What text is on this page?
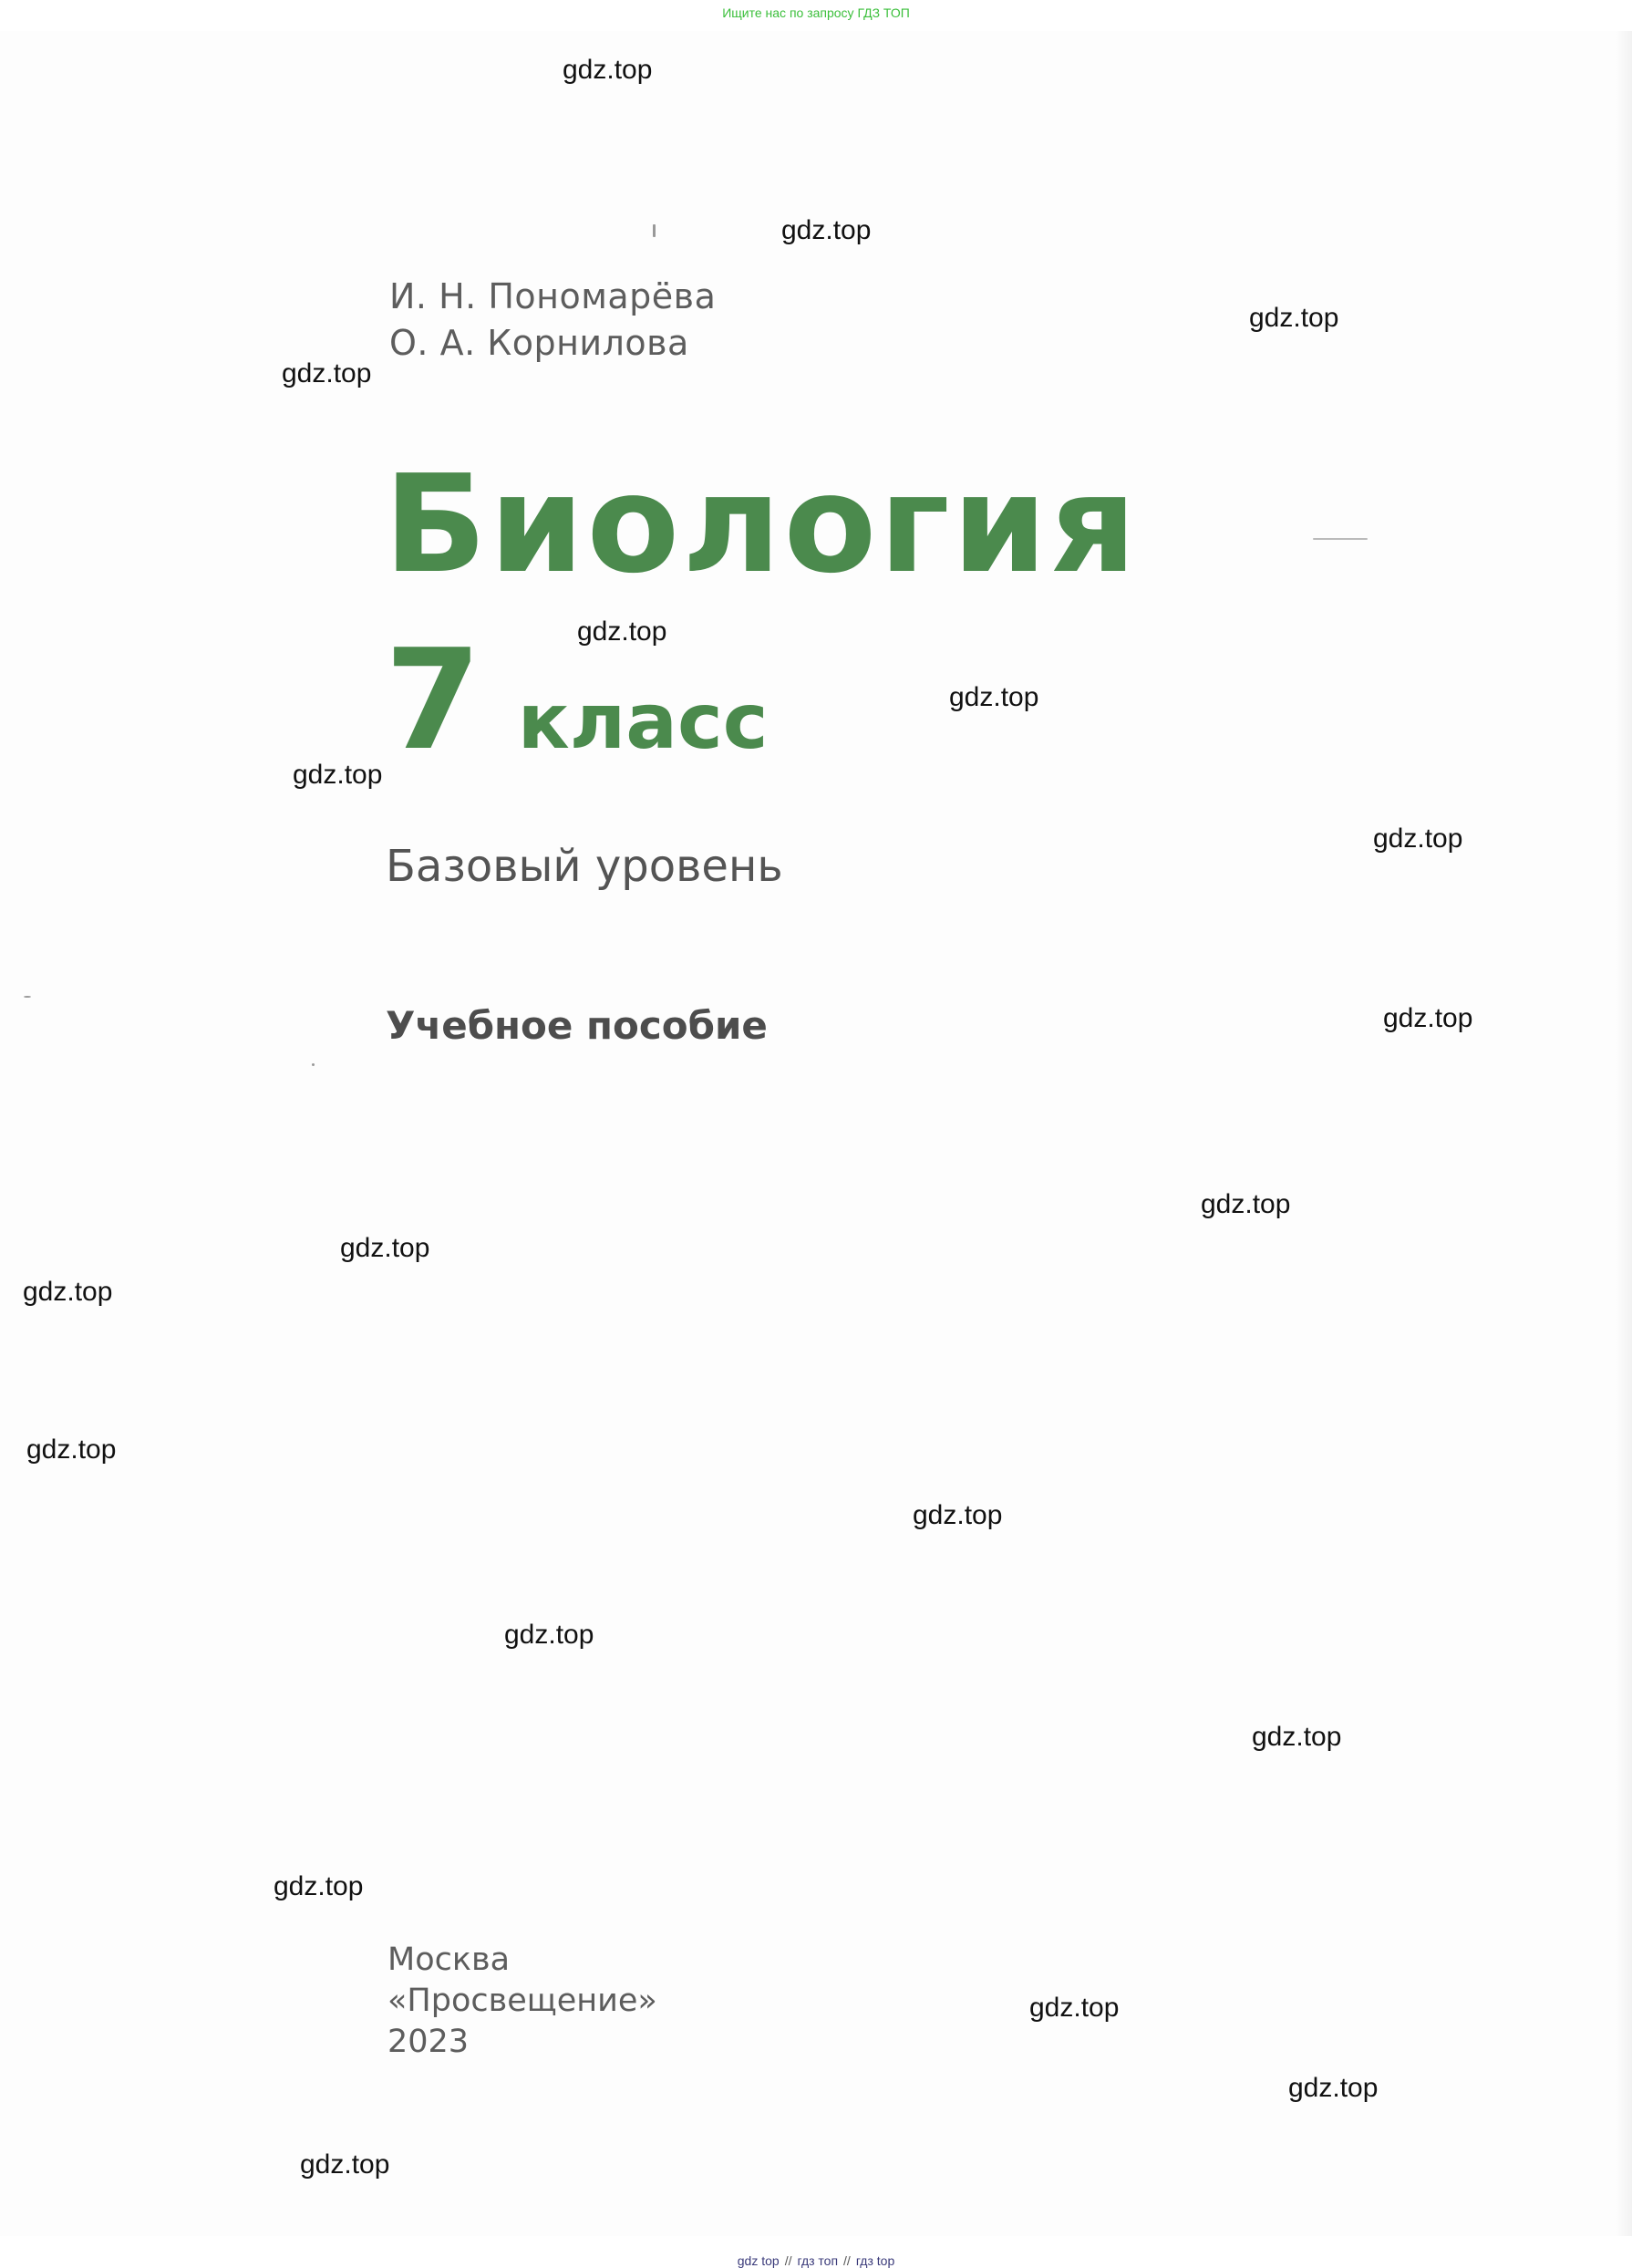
Ищите нас по запросу ГДЗ ТОП
И. Н. Пономарёва
О. А. Корнилова
Биология
7 класс
Базовый уровень
Учебное пособие
Москва
«Просвещение»
2023
gdz.top
gdz.top
gdz.top
gdz.top
gdz.top
gdz.top
gdz.top
gdz.top
gdz.top
gdz.top
gdz.top
gdz.top
gdz.top
gdz.top
gdz.top
gdz.top
gdz.top
gdz.top
gdz.top
gdz.top
gdz top // гдз топ // гдз top
